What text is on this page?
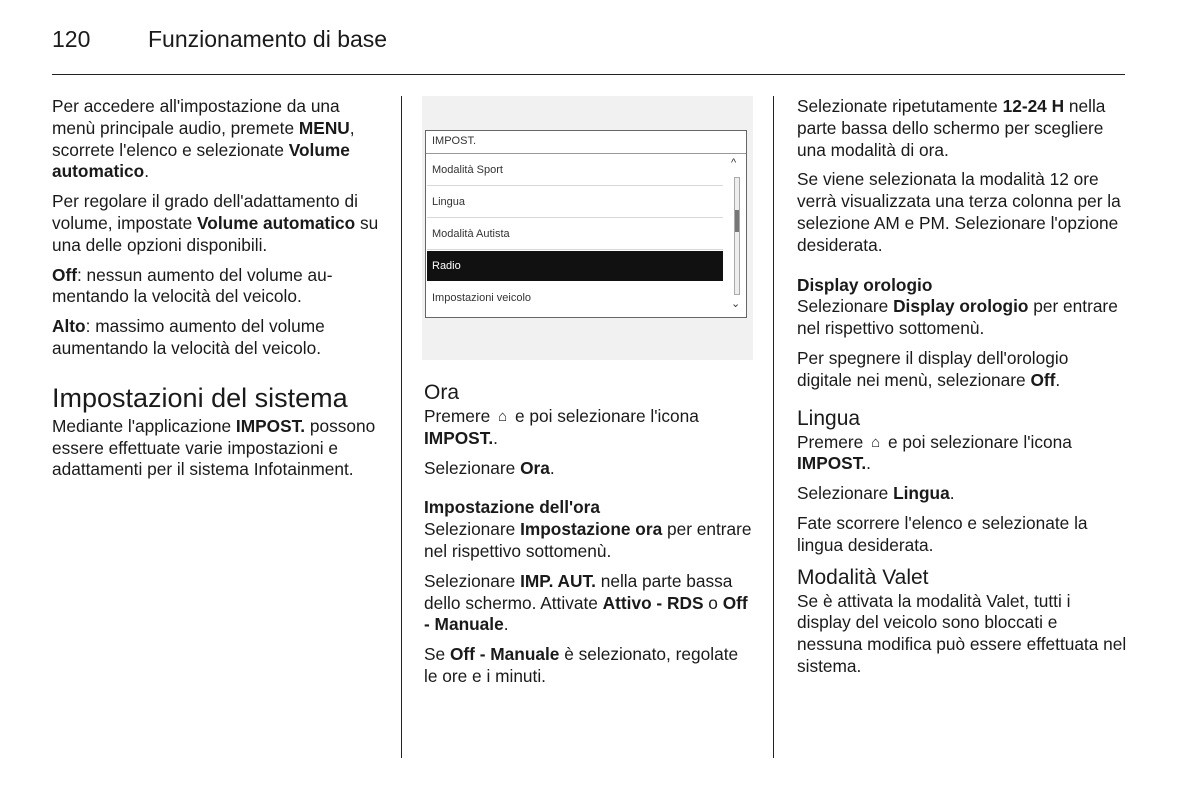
120	Funzionamento di base

Per accedere all'impostazione da una menù principale audio, premete MENU, scorrete l'elenco e selezionate Volume automatico.

Per regolare il grado dell'adattamento di volume, impostate Volume automatico su una delle opzioni disponibili.

Off: nessun aumento del volume aumentando la velocità del veicolo.

Alto: massimo aumento del volume aumentando la velocità del veicolo.

Impostazioni del sistema

Mediante l'applicazione IMPOST. possono essere effettuate varie impostazioni e adattamenti per il sistema Infotainment.

IMPOST.
Modalità Sport
Lingua
Modalità Autista
Radio
Impostazioni veicolo
^
⌄
Ora

Premere ⌂ e poi selezionare l'icona IMPOST..

Selezionare Ora.

Impostazione dell'ora

Selezionare Impostazione ora per entrare nel rispettivo sottomenù.

Selezionare IMP. AUT. nella parte bassa dello schermo. Attivate Attivo - RDS o Off - Manuale.

Se Off - Manuale è selezionato, regolate le ore e i minuti.

Selezionate ripetutamente 12-24 H nella parte bassa dello schermo per scegliere una modalità di ora.

Se viene selezionata la modalità 12 ore verrà visualizzata una terza colonna per la selezione AM e PM. Selezionare l'opzione desiderata.

Display orologio

Selezionare Display orologio per entrare nel rispettivo sottomenù.

Per spegnere il display dell'orologio digitale nei menù, selezionare Off.

Lingua

Premere ⌂ e poi selezionare l'icona IMPOST..

Selezionare Lingua.

Fate scorrere l'elenco e selezionate la lingua desiderata.

Modalità Valet

Se è attivata la modalità Valet, tutti i display del veicolo sono bloccati e nessuna modifica può essere effettuata nel sistema.
